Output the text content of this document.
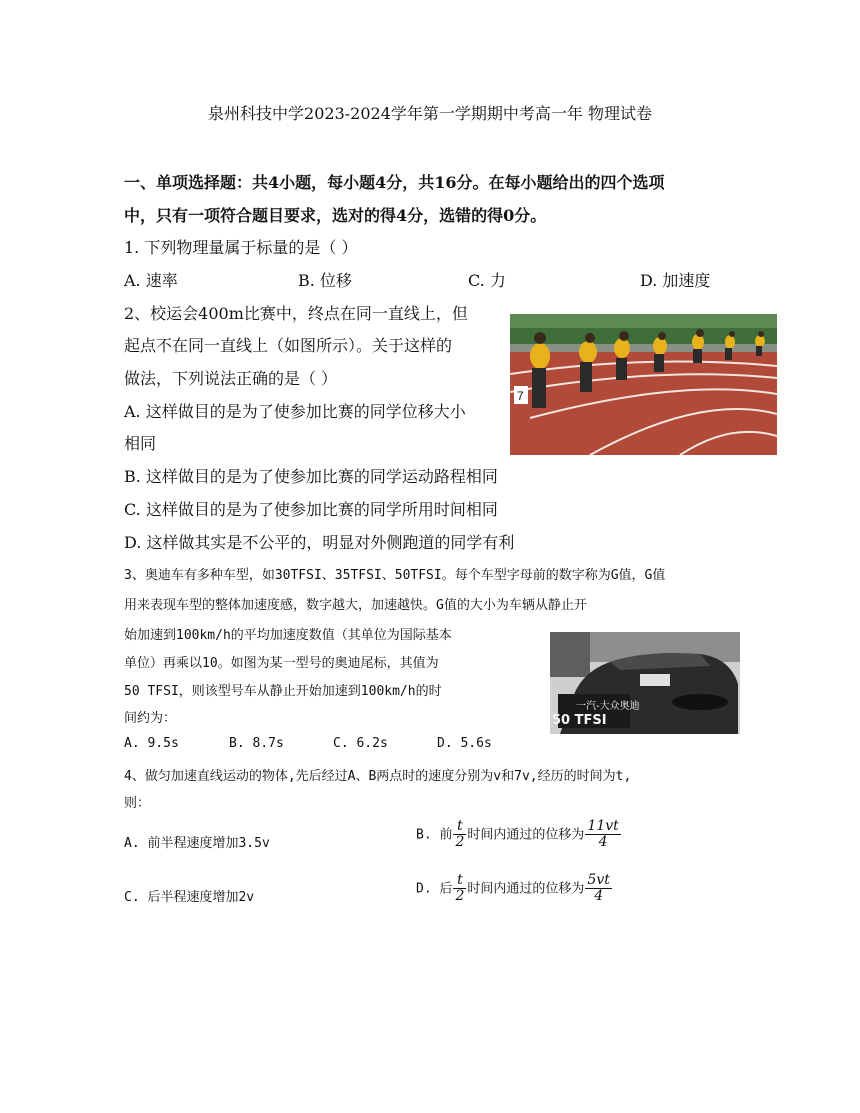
泉州科技中学2023-2024学年第一学期期中考高一年 物理试卷
一、单项选择题：共4小题，每小题4分，共16分。在每小题给出的四个选项
中，只有一项符合题目要求，选对的得4分，选错的得0分。
1. 下列物理量属于标量的是（ ）
A. 速率	B. 位移	C. 力	D. 加速度
2、校运会400m比赛中，终点在同一直线上，但
起点不在同一直线上（如图所示）。关于这样的
做法，下列说法正确的是（ ）
A. 这样做目的是为了使参加比赛的同学位移大小
相同
B. 这样做目的是为了使参加比赛的同学运动路程相同
C. 这样做目的是为了使参加比赛的同学所用时间相同
D. 这样做其实是不公平的，明显对外侧跑道的同学有利
7
3、奥迪车有多种车型，如30TFSI、35TFSI、50TFSI。每个车型字母前的数字称为G值，G值
用来表现车型的整体加速度感，数字越大，加速越快。G值的大小为车辆从静止开
始加速到100km/h的平均加速度数值（其单位为国际基本
单位）再乘以10。如图为某一型号的奥迪尾标，其值为
50 TFSI，则该型号车从静止开始加速到100km/h的时
间约为：
A. 9.5s	B. 8.7s	C. 6.2s	D. 5.6s
一汽-大众奥迪
50 TFSI
4、做匀加速直线运动的物体,先后经过A、B两点时的速度分别为v和7v,经历的时间为t,
则：
A. 前半程速度增加3.5v
B. 前 $\frac{t}{2}$ 时间内通过的位移为 $\frac{11vt}{4}$
C. 后半程速度增加2v
D. 后 $\frac{t}{2}$ 时间内通过的位移为 $\frac{5vt}{4}$
